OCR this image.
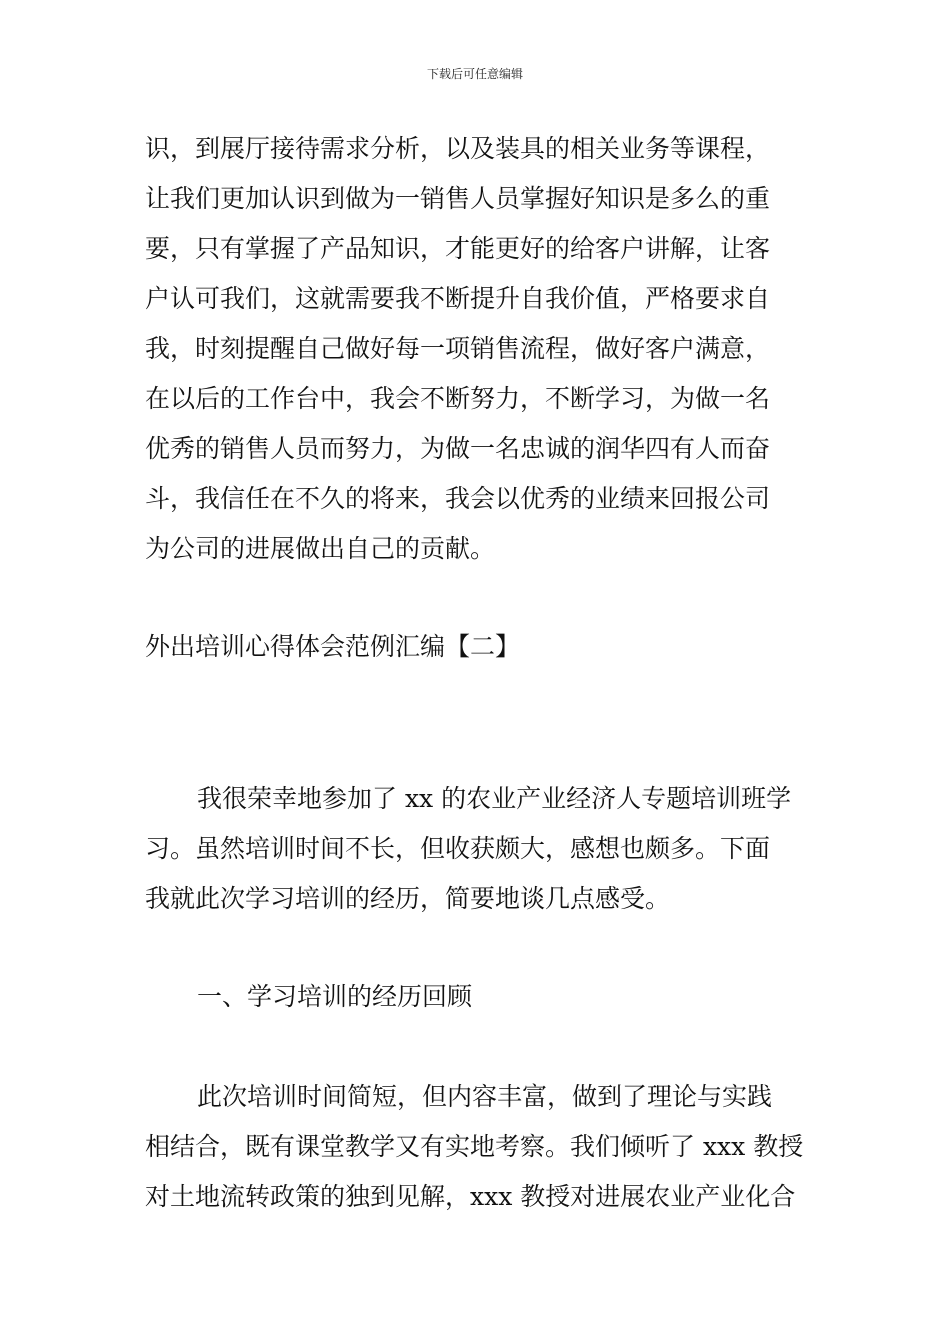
下载后可任意编辑
识，到展厅接待需求分析，以及装具的相关业务等课程，
让我们更加认识到做为一销售人员掌握好知识是多么的重
要，只有掌握了产品知识，才能更好的给客户讲解，让客
户认可我们，这就需要我不断提升自我价值，严格要求自
我，时刻提醒自己做好每一项销售流程，做好客户满意，
在以后的工作台中，我会不断努力，不断学习，为做一名
优秀的销售人员而努力，为做一名忠诚的润华四有人而奋
斗，我信任在不久的将来，我会以优秀的业绩来回报公司
为公司的进展做出自己的贡献。
外出培训心得体会范例汇编【二】
我很荣幸地参加了 xx 的农业产业经济人专题培训班学
习。虽然培训时间不长，但收获颇大，感想也颇多。下面
我就此次学习培训的经历，简要地谈几点感受。
一、学习培训的经历回顾
此次培训时间简短，但内容丰富，做到了理论与实践
相结合，既有课堂教学又有实地考察。我们倾听了 xxx 教授
对土地流转政策的独到见解，xxx 教授对进展农业产业化合
